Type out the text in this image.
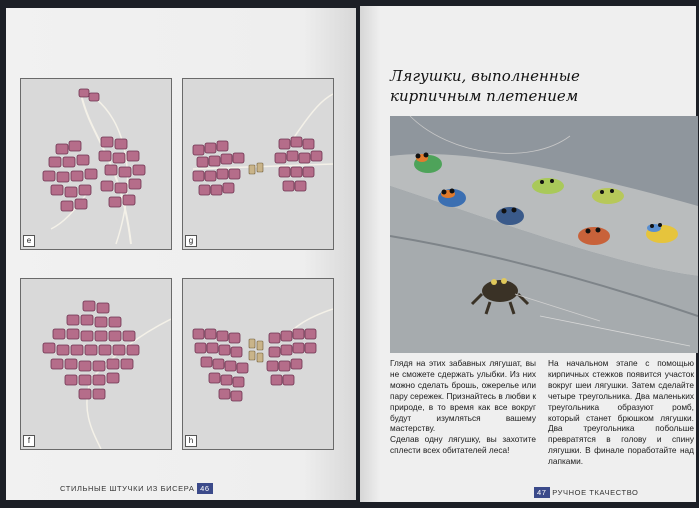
e	g
f	h
СТИЛЬНЫЕ ШТУЧКИ ИЗ БИСЕРА 46
Лягушки, выполненные
кирпичным плетением
Глядя на этих забавных лягушат, вы не сможете сдержать улыбки. Из них можно сделать брошь, ожерелье или пару сережек. Признайтесь в любви к природе, в то время как все вокруг будут изумляться вашему мастерству.
Сделав одну лягушку, вы захотите сплести всех обитателей леса!
На начальном этапе с помощью кирпичных стежков появится участок вокруг шеи лягушки. Затем сделайте четыре треугольника. Два маленьких треугольника образуют ромб, который станет брюшком лягушки. Два треугольника побольше превратятся в голову и спину лягушки. В финале поработайте над лапками.
47 РУЧНОЕ ТКАЧЕСТВО
